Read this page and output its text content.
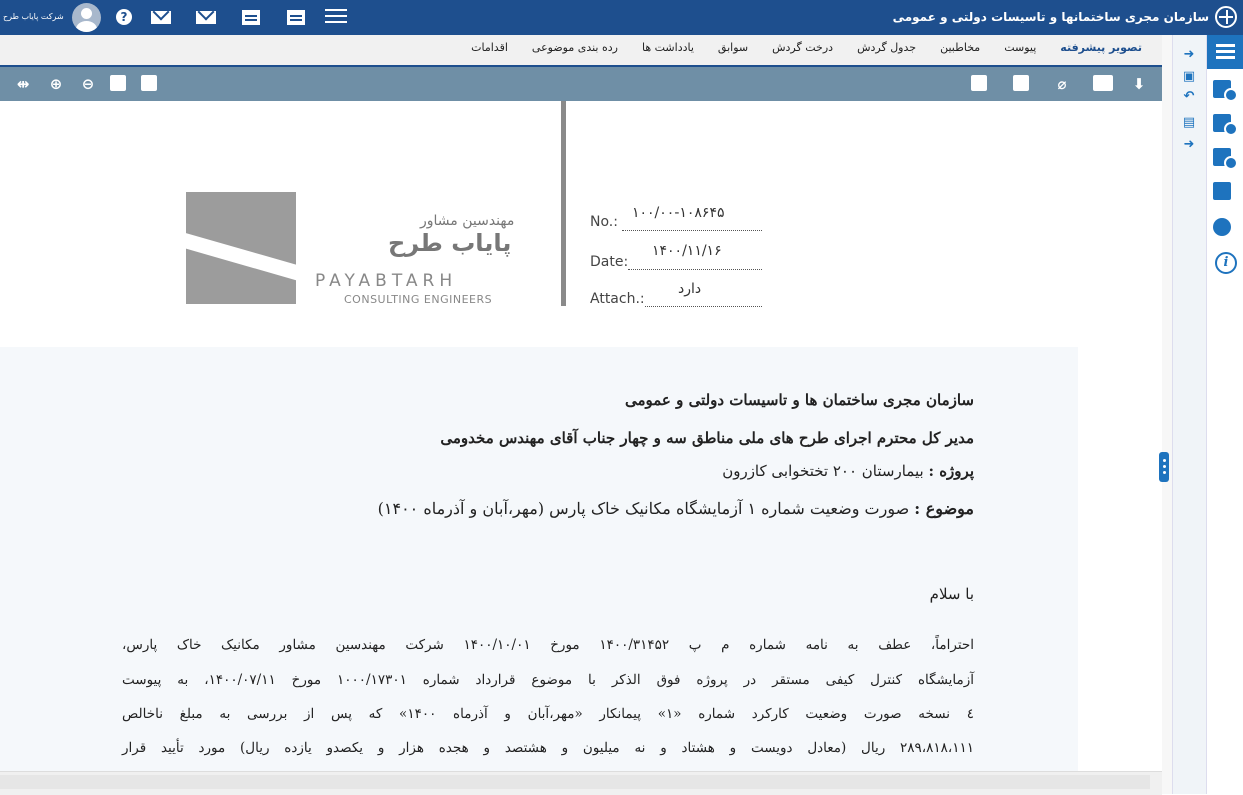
سازمان مجری ساختمانها و تاسیسات دولتی و عمومی
?
شرکت پایاب طرح
تصویر پیشرفته
پیوست
مخاطبین
جدول گردش
درخت گردش
سوابق
یادداشت ها
رده بندی موضوعی
اقدامات
⇹ ⊕ ⊖	⌀	⬇
مهندسین مشاور
پایاب طرح
PAYABTARH
CONSULTING ENGINEERS
No.:
۱۰۰/۰۰-۱۰۸۶۴۵
Date:
۱۴۰۰/۱۱/۱۶
Attach.:
دارد
سازمان مجری ساختمان ها و تاسیسات دولتی و عمومی
مدیر کل محترم اجرای طرح های ملی مناطق سه و چهار جناب آقای مهندس مخدومی
پروژه : بیمارستان ۲۰۰ تختخوابی کازرون
موضوع : صورت وضعیت شماره ۱ آزمایشگاه مکانیک خاک پارس (مهر،آبان و آذرماه ۱۴۰۰)
با سلام
احتراماً، عطف به نامه شماره م پ ۱۴۰۰/۳۱۴۵۲ مورخ ۱۴۰۰/۱۰/۰۱ شرکت مهندسین مشاور مکانیک خاک پارس،
آزمایشگاه کنترل کیفی مستقر در پروژه فوق الذکر با موضوع قرارداد شماره ۱۰۰۰/۱۷۳۰۱ مورخ ۱۴۰۰/۰۷/۱۱، به پیوست
٤ نسخه صورت وضعیت کارکرد شماره «۱» پیمانکار «مهر،آبان و آذرماه ۱۴۰۰» که پس از بررسی به مبلغ ناخالص
۲۸۹،۸۱۸،۱۱۱ ریال (معادل دویست و هشتاد و نه میلیون و هشتصد و هجده هزار و یکصدو یازده ریال) مورد تأیید قرار
➜
▣
↶
▤
➜
i
